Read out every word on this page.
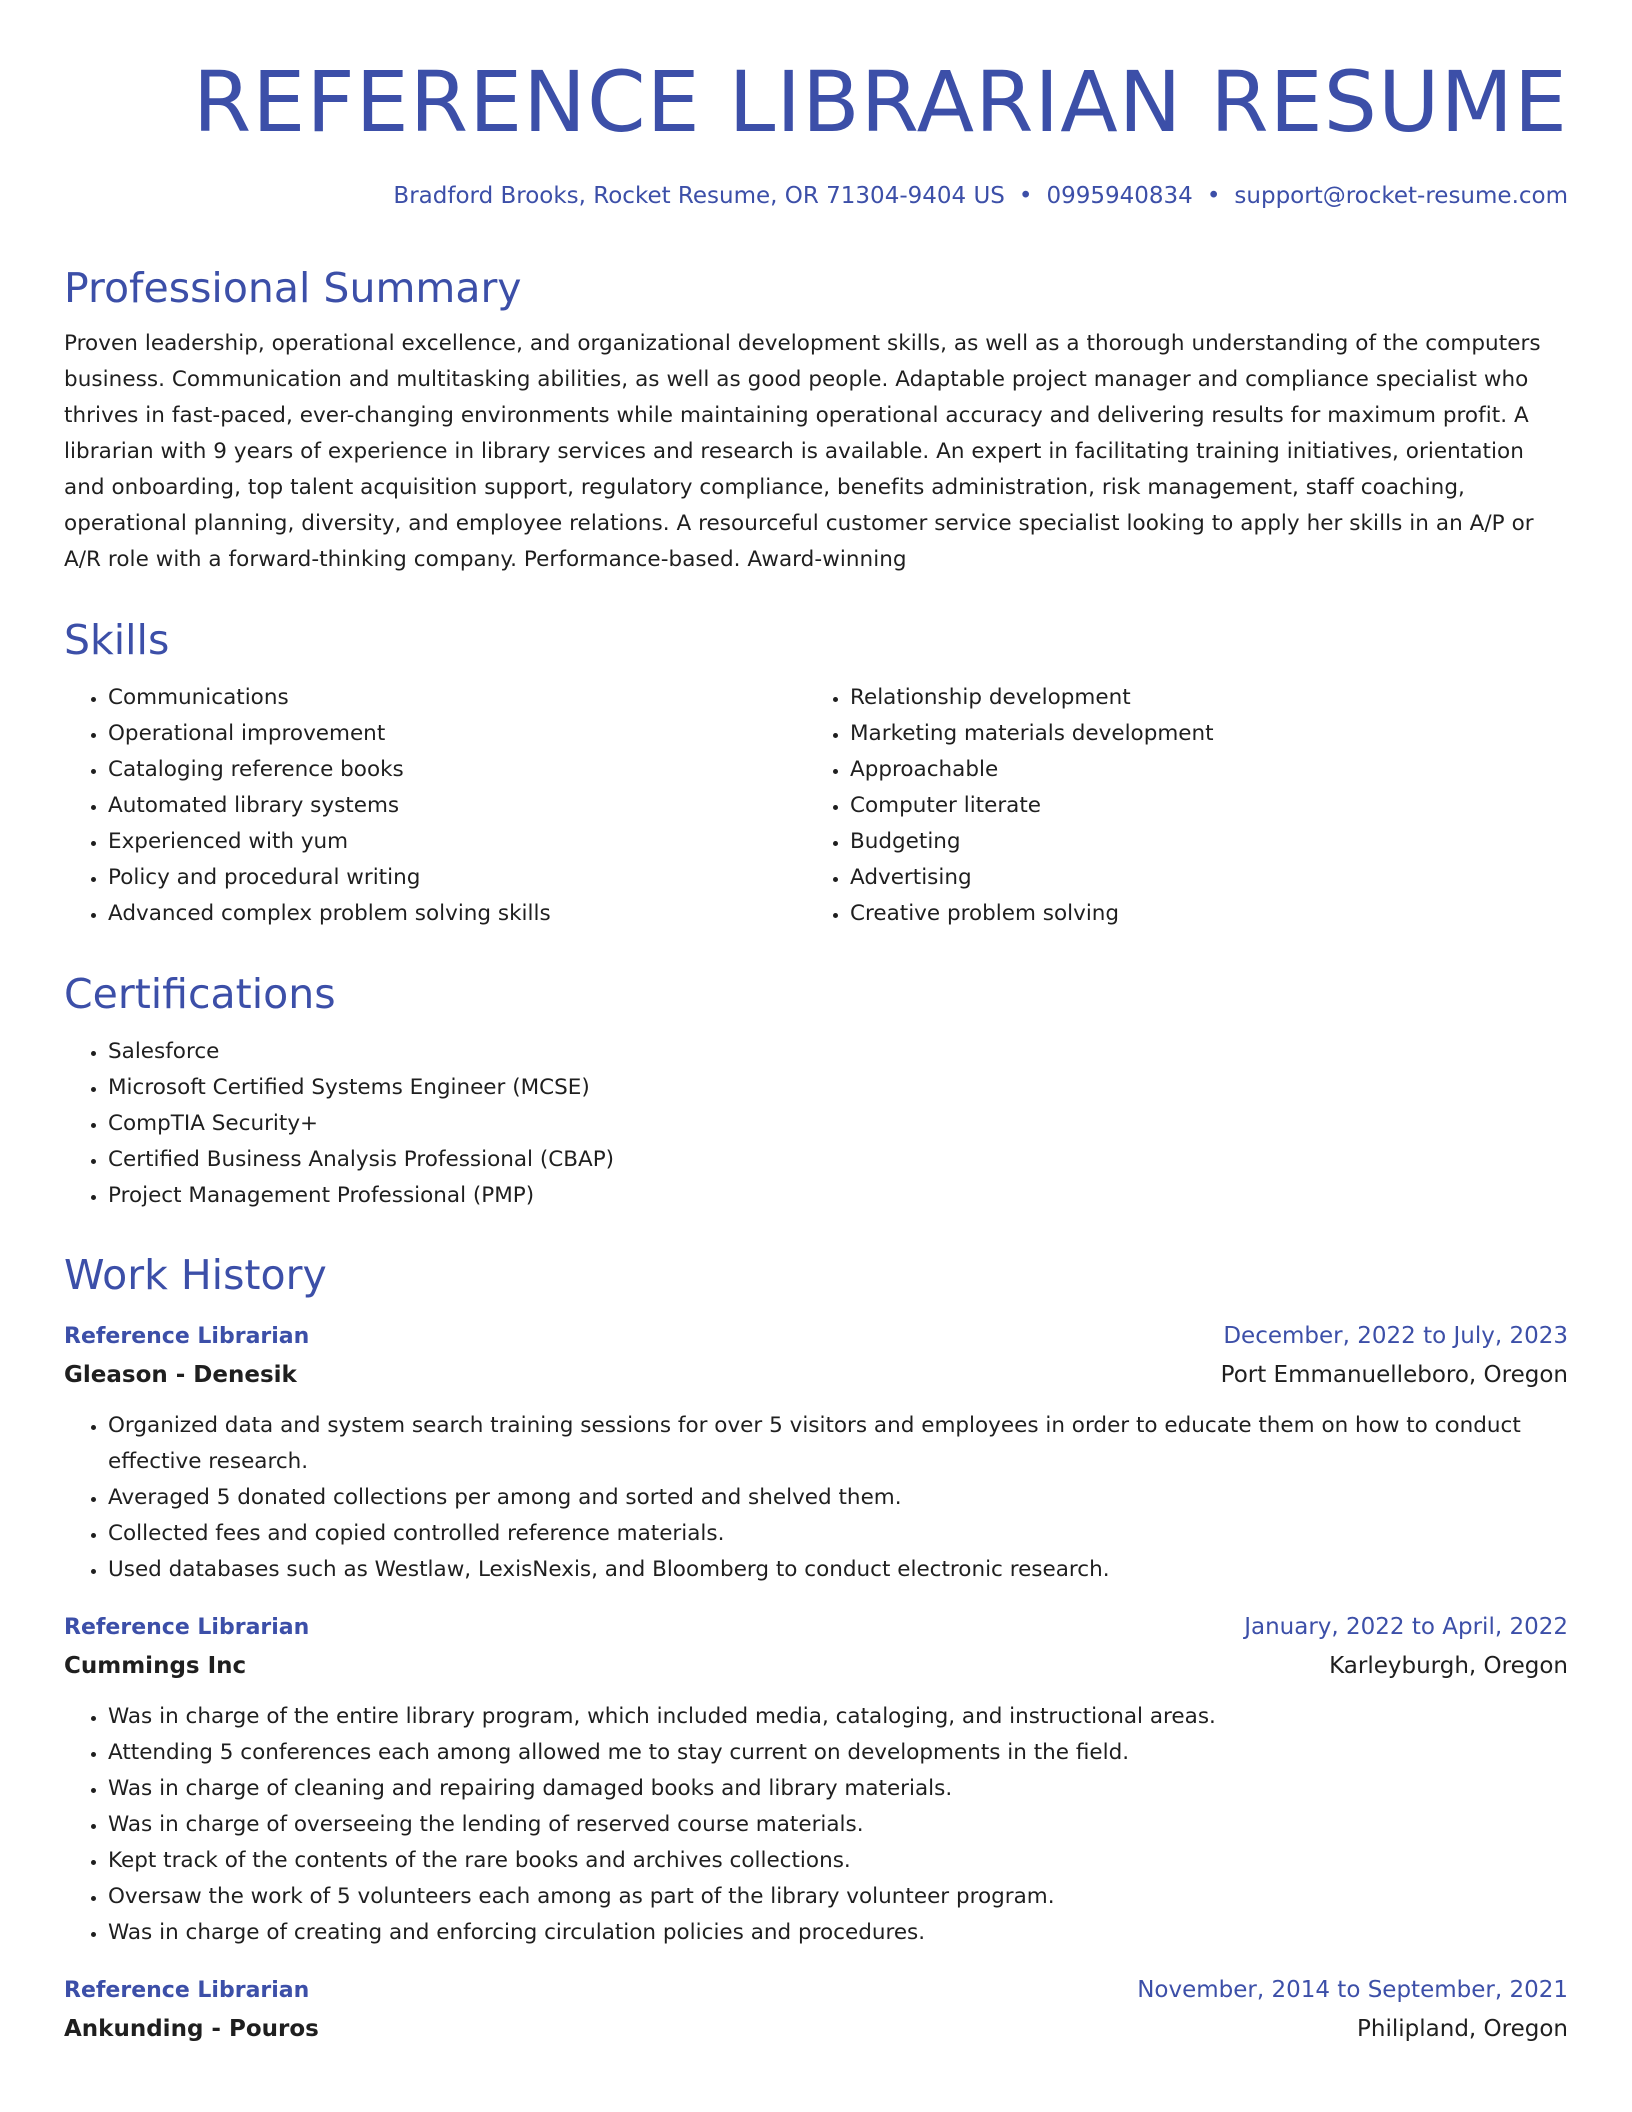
REFERENCE LIBRARIAN RESUME
Bradford Brooks, Rocket Resume, OR 71304-9404 US • 0995940834 • support@rocket-resume.com
Professional Summary

Proven leadership, operational excellence, and organizational development skills, as well as a thorough understanding of the computers business. Communication and multitasking abilities, as well as good people. Adaptable project manager and compliance specialist who thrives in fast-paced, ever-changing environments while maintaining operational accuracy and delivering results for maximum profit. A librarian with 9 years of experience in library services and research is available. An expert in facilitating training initiatives, orientation and onboarding, top talent acquisition support, regulatory compliance, benefits administration, risk management, staff coaching, operational planning, diversity, and employee relations. A resourceful customer service specialist looking to apply her skills in an A/P or A/R role with a forward-thinking company. Performance-based. Award-winning

Skills
• Communications
• Operational improvement
• Cataloging reference books
• Automated library systems
• Experienced with yum
• Policy and procedural writing
• Advanced complex problem solving skills
• Relationship development
• Marketing materials development
• Approachable
• Computer literate
• Budgeting
• Advertising
• Creative problem solving
Certifications
• Salesforce
• Microsoft Certified Systems Engineer (MCSE)
• CompTIA Security+
• Certified Business Analysis Professional (CBAP)
• Project Management Professional (PMP)
Work History
Reference Librarian	December, 2022 to July, 2023
Gleason - Denesik	Port Emmanuelleboro, Oregon
• Organized data and system search training sessions for over 5 visitors and employees in order to educate them on how to conduct effective research.
• Averaged 5 donated collections per among and sorted and shelved them.
• Collected fees and copied controlled reference materials.
• Used databases such as Westlaw, LexisNexis, and Bloomberg to conduct electronic research.
Reference Librarian	January, 2022 to April, 2022
Cummings Inc	Karleyburgh, Oregon
• Was in charge of the entire library program, which included media, cataloging, and instructional areas.
• Attending 5 conferences each among allowed me to stay current on developments in the field.
• Was in charge of cleaning and repairing damaged books and library materials.
• Was in charge of overseeing the lending of reserved course materials.
• Kept track of the contents of the rare books and archives collections.
• Oversaw the work of 5 volunteers each among as part of the library volunteer program.
• Was in charge of creating and enforcing circulation policies and procedures.
Reference Librarian	November, 2014 to September, 2021
Ankunding - Pouros	Philipland, Oregon
